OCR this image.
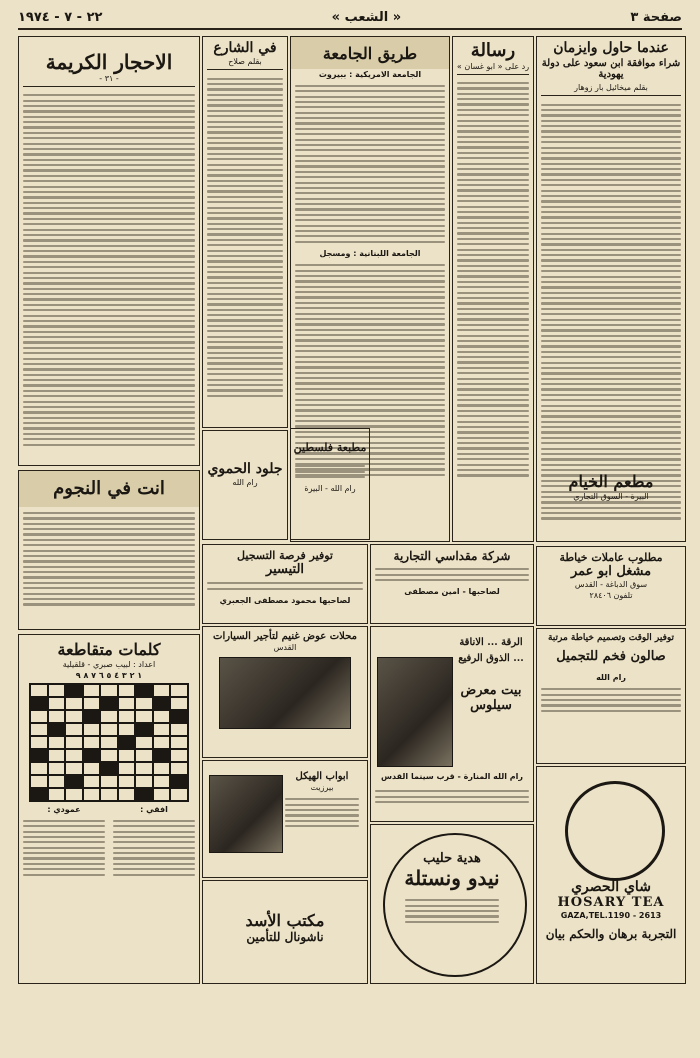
صفحة ٣
« الشعب »
٢٢ - ٧ - ١٩٧٤
عندما حاول وايزمان
شراء موافقة ابن سعود على دولة يهودية
بقلم ميخائيل بار زوهار
رسالة
رد على « ابو غسان »
طريق الجامعة
الجامعة الامريكية : ببيروت
الجامعة اللبنانية : ومسجل
في الشارع
بقلم صلاح
الاحجار الكريمة
- ٣١ -
انت في النجوم
كلمات متقاطعة
اعداد : لبيب صبري - قلقيلية
١ ٢ ٣ ٤ ٥ ٦ ٧ ٨ ٩
افقي :
عمودي :
جلود الحموي
رام الله	مطعم الخيام
البيرة - السوق التجاري
مطبعة فلسطين
رام الله - البيرة
توفير فرصة التسجيل
التيسير
لصاحبها محمود مصطفى الجعبري
شركة مقداسي التجارية
لصاحبها - امين مصطفى
مطلوب عاملات خياطة
مشغل ابو عمر
سوق الدباغة - القدس
تلفون ٢٨٤٠٦
محلات عوض غنيم لتأجير السيارات
القدس
ابواب الهيكل
بيرزيت
مكتب الأسد
ناشونال للتأمين
الرقة ... الاناقة ... الذوق الرفيع
بيت معرض سيلوس
رام الله المنارة - قرب سينما القدس
هدية حليب
نيدو ونستلة
توفير الوقت وتصميم خياطة مرتبة
صالون فخم للتجميل
رام الله
شاي الحصري
HOSARY TEA
GAZA,TEL.1190 - 2613
التجربة برهان والحكم بيان
